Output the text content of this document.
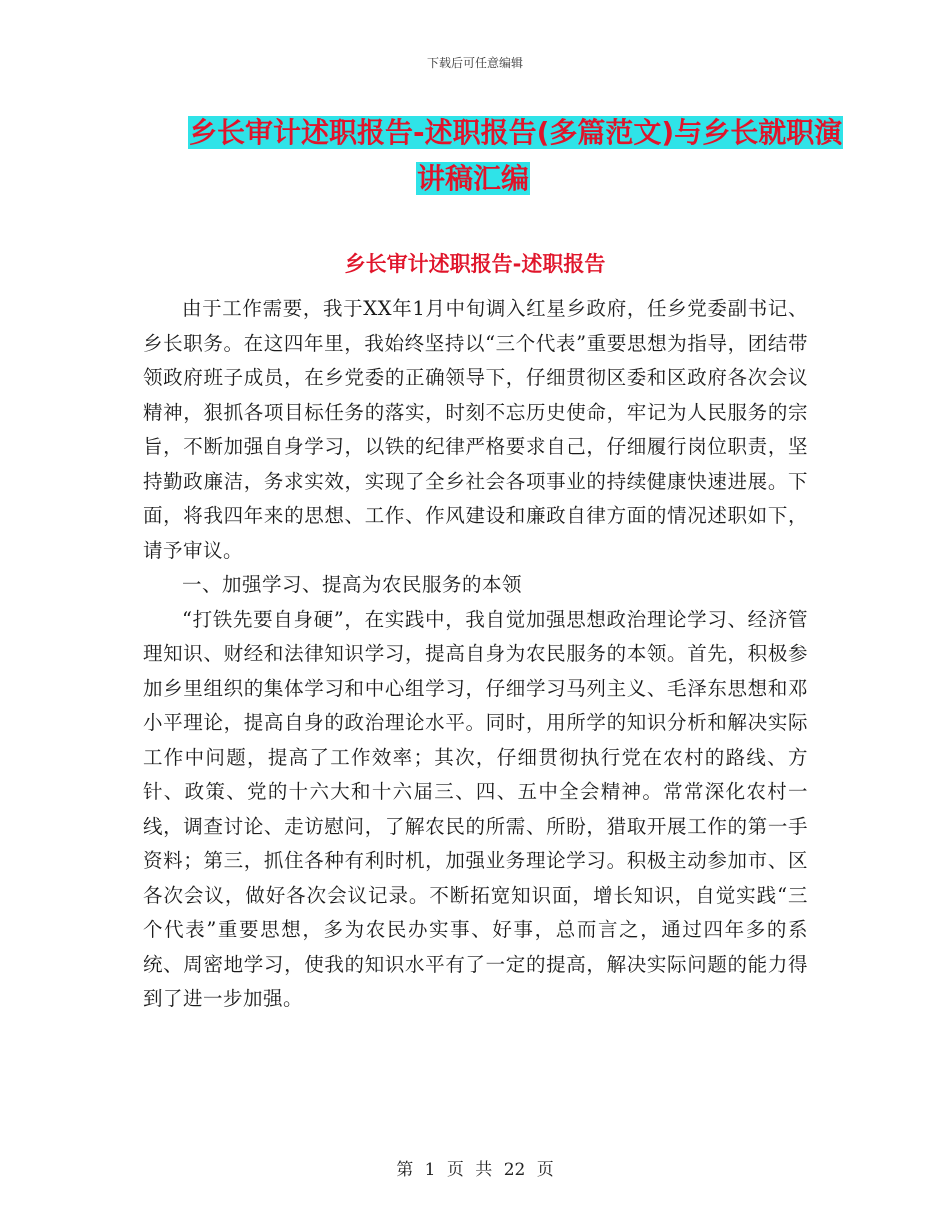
下载后可任意编辑
乡长审计述职报告-述职报告(多篇范文)与乡长就职演
讲稿汇编
乡长审计述职报告-述职报告

由于工作需要，我于XX年1月中旬调入红星乡政府，任乡党委副书记、乡长职务。在这四年里，我始终坚持以“三个代表”重要思想为指导，团结带领政府班子成员，在乡党委的正确领导下，仔细贯彻区委和区政府各次会议精神，狠抓各项目标任务的落实，时刻不忘历史使命，牢记为人民服务的宗旨，不断加强自身学习，以铁的纪律严格要求自己，仔细履行岗位职责，坚持勤政廉洁，务求实效，实现了全乡社会各项事业的持续健康快速进展。下面，将我四年来的思想、工作、作风建设和廉政自律方面的情况述职如下，请予审议。

一、加强学习、提高为农民服务的本领

“打铁先要自身硬”，在实践中，我自觉加强思想政治理论学习、经济管理知识、财经和法律知识学习，提高自身为农民服务的本领。首先，积极参加乡里组织的集体学习和中心组学习，仔细学习马列主义、毛泽东思想和邓小平理论，提高自身的政治理论水平。同时，用所学的知识分析和解决实际工作中问题，提高了工作效率；其次，仔细贯彻执行党在农村的路线、方针、政策、党的十六大和十六届三、四、五中全会精神。常常深化农村一线，调查讨论、走访慰问，了解农民的所需、所盼，猎取开展工作的第一手资料；第三，抓住各种有利时机，加强业务理论学习。积极主动参加市、区各次会议，做好各次会议记录。不断拓宽知识面，增长知识，自觉实践“三个代表”重要思想，多为农民办实事、好事，总而言之，通过四年多的系统、周密地学习，使我的知识水平有了一定的提高，解决实际问题的能力得到了进一步加强。

第 1 页 共 22 页
